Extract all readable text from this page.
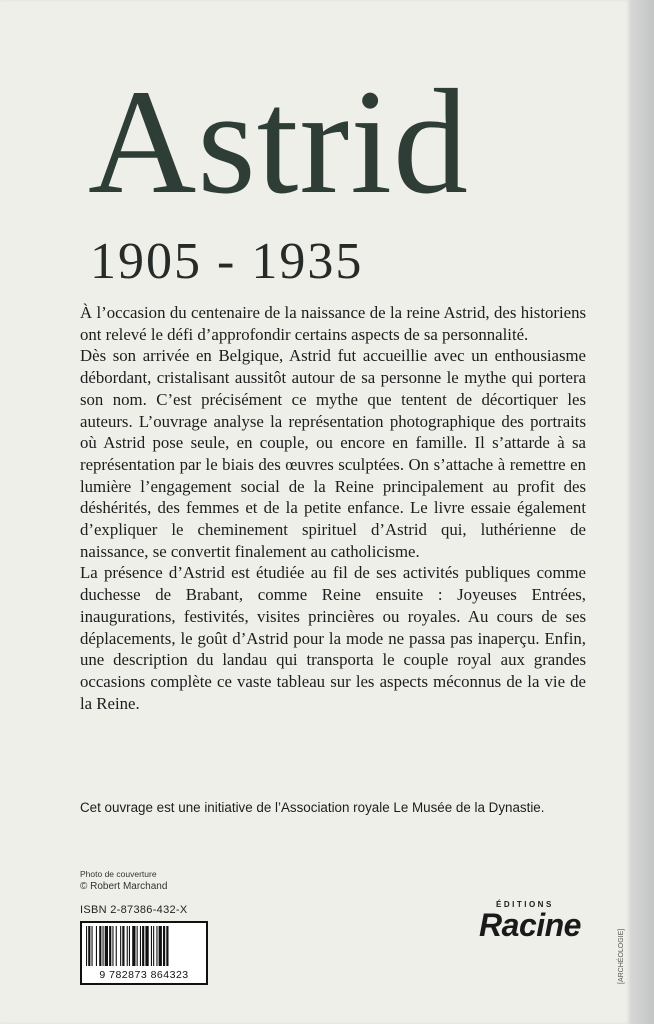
Astrid
1905 - 1935

À l’occasion du centenaire de la naissance de la reine Astrid, des historiens ont relevé le défi d’approfondir certains aspects de sa personnalité.

Dès son arrivée en Belgique, Astrid fut accueillie avec un enthousiasme débordant, cristalisant aussitôt autour de sa personne le mythe qui portera son nom. C’est précisément ce mythe que tentent de décortiquer les auteurs. L’ouvrage analyse la représentation photographique des portraits où Astrid pose seule, en couple, ou encore en famille. Il s’attarde à sa représentation par le biais des œuvres sculptées. On s’attache à remettre en lumière l’engagement social de la Reine principalement au profit des déshérités, des femmes et de la petite enfance. Le livre essaie également d’expliquer le cheminement spirituel d’Astrid qui, luthérienne de naissance, se convertit finalement au catholicisme.

La présence d’Astrid est étudiée au fil de ses activités publiques comme duchesse de Brabant, comme Reine ensuite : Joyeuses Entrées, inaugurations, festivités, visites princières ou royales. Au cours de ses déplacements, le goût d’Astrid pour la mode ne passa pas inaperçu. Enfin, une description du landau qui transporta le couple royal aux grandes occasions complète ce vaste tableau sur les aspects méconnus de la vie de la Reine.

Cet ouvrage est une initiative de l’Association royale Le Musée de la Dynastie.
Photo de couverture
© Robert Marchand
ISBN 2-87386-432-X
9 782873 864323
ÉDITIONS
Racine
[ARCHÉOLOGIE]
